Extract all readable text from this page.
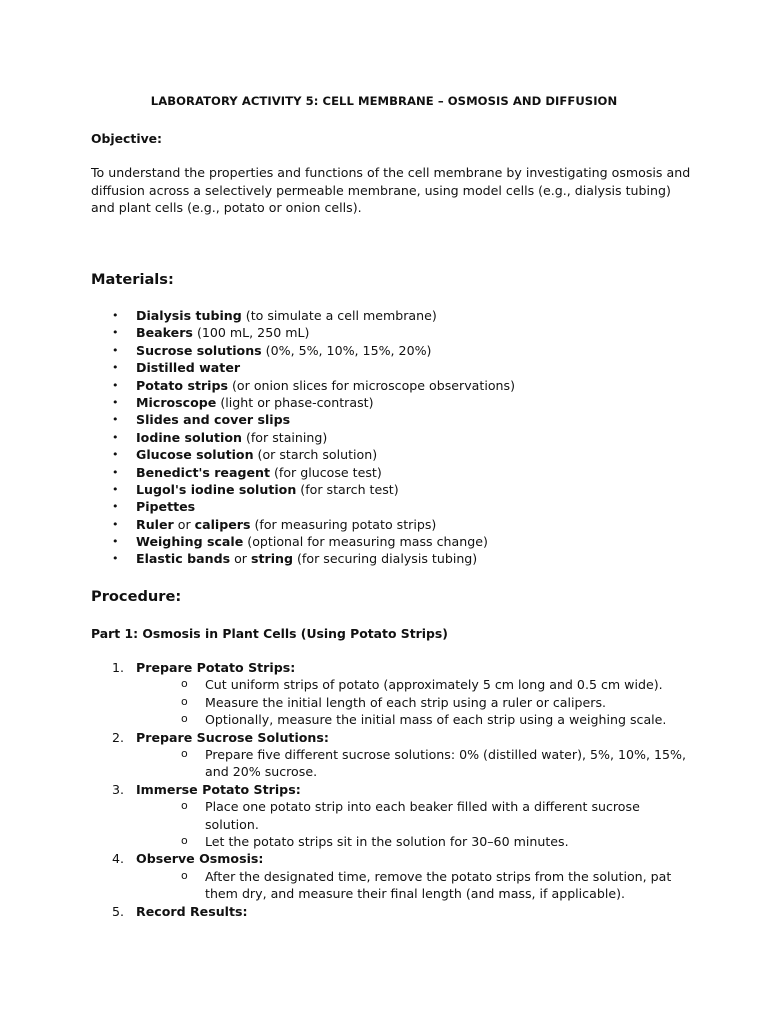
LABORATORY ACTIVITY 5: CELL MEMBRANE – OSMOSIS AND DIFFUSION
Objective:
To understand the properties and functions of the cell membrane by investigating osmosis and diffusion across a selectively permeable membrane, using model cells (e.g., dialysis tubing) and plant cells (e.g., potato or onion cells).
Materials:
• Dialysis tubing (to simulate a cell membrane)
• Beakers (100 mL, 250 mL)
• Sucrose solutions (0%, 5%, 10%, 15%, 20%)
• Distilled water
• Potato strips (or onion slices for microscope observations)
• Microscope (light or phase-contrast)
• Slides and cover slips
• Iodine solution (for staining)
• Glucose solution (or starch solution)
• Benedict's reagent (for glucose test)
• Lugol's iodine solution (for starch test)
• Pipettes
• Ruler or calipers (for measuring potato strips)
• Weighing scale (optional for measuring mass change)
• Elastic bands or string (for securing dialysis tubing)
Procedure:
Part 1: Osmosis in Plant Cells (Using Potato Strips)
1. Prepare Potato Strips:
o Cut uniform strips of potato (approximately 5 cm long and 0.5 cm wide).
o Measure the initial length of each strip using a ruler or calipers.
o Optionally, measure the initial mass of each strip using a weighing scale.
2. Prepare Sucrose Solutions:
o Prepare five different sucrose solutions: 0% (distilled water), 5%, 10%, 15%, and 20% sucrose.
3. Immerse Potato Strips:
o Place one potato strip into each beaker filled with a different sucrose solution.
o Let the potato strips sit in the solution for 30–60 minutes.
4. Observe Osmosis:
o After the designated time, remove the potato strips from the solution, pat them dry, and measure their final length (and mass, if applicable).
5. Record Results:
